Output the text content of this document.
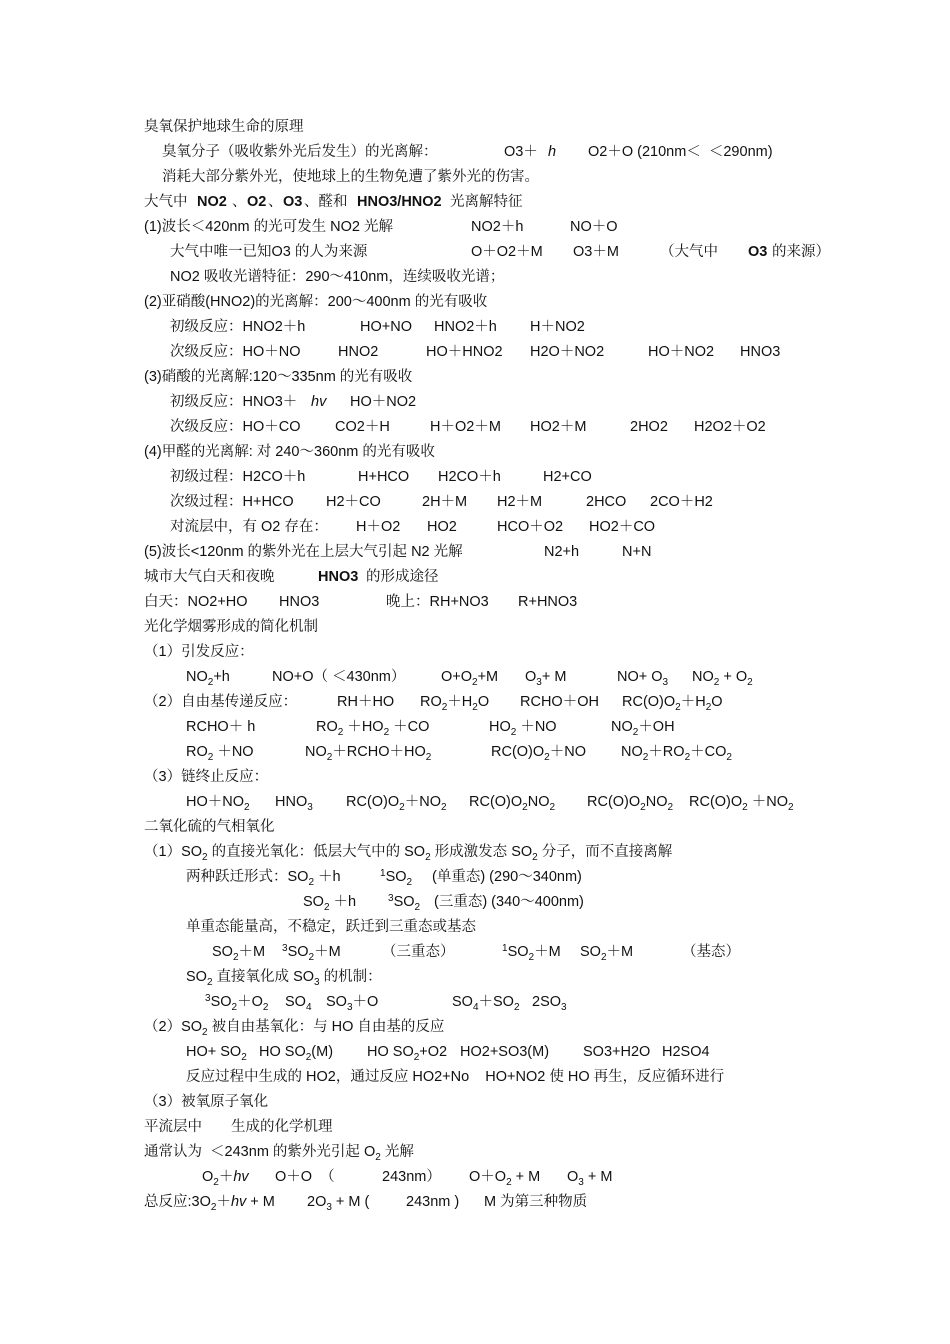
臭氧保护地球生命的原理
臭氧分子（吸收紫外光后发生）的光离解：	O3＋ h O2＋O (210nm＜  ＜290nm)
消耗大部分紫外光，使地球上的生物免遭了紫外光的伤害。
大气中 NO2 、 O2 、 O3 、醛和 HNO3/HNO2 光离解特征
(1)波长＜420nm 的光可发生 NO2 光解	NO2＋h	NO＋O
大气中唯一已知O3 的人为来源	O＋O2＋M O3＋M	（大气中 O3 的来源）
NO2 吸收光谱特征：290～410nm，连续吸收光谱；
(2)亚硝酸(HNO2)的光离解：200～400nm 的光有吸收
初级反应：HNO2＋h	HO+NO HNO2＋h H＋NO2
次级反应：HO＋NO	HNO2	HO＋HNO2 H2O＋NO2	HO＋NO2 HNO3
(3)硝酸的光离解:120～335nm 的光有吸收
初级反应：HNO3＋ hv HO＋NO2
次级反应：HO＋CO CO2＋H	H＋O2＋M HO2＋M	2HO2 H2O2＋O2
(4)甲醛的光离解: 对 240～360nm 的光有吸收
初级过程：H2CO＋h	H+HCO H2CO＋h	H2+CO
次级过程：H+HCO H2＋CO	2H＋M H2＋M	2HCO 2CO＋H2
对流层中，有 O2 存在： H＋O2 HO2	HCO＋O2 HO2＋CO
(5)波长<120nm 的紫外光在上层大气引起 N2 光解	N2+h	N+N
城市大气白天和夜晚	HNO3 的形成途径
白天：NO2+HO HNO3	晚上：RH+NO3 R+HNO3
光化学烟雾形成的简化机制
（1）引发反应：
$NO_2+h$	NO+O（ ＜430nm） $O+O_2+M$ $O_3+ M$	$NO+ O_3$ $NO_2 + O_2$
（2）自由基传递反应：	RH＋HO $RO_2+H_2O$ RCHO＋OH $RC(O)O_2+H_2O$
RCHO＋ h	$RO_2 +HO_2 +CO$	$HO_2 +NO$	$NO_2+OH$
$RO_2 +NO$	$NO_2+RCHO+HO_2$	$RC(O)O_2+NO$ $NO_2+RO_2+CO_2$
（3）链终止反应：
$HO+NO_2$ $HNO_3$ $RC(O)O_2+NO_2$ $RC(O)O_2NO_2$ $RC(O)O_2NO_2$ $RC(O)O_2 +NO_2$
二氧化硫的气相氧化
$(1)SO_2$ 的直接光氧化：低层大气中的 $SO_2$ 形成激发态 $SO_2$ 分子，而不直接离解
两种跃迁形式：$SO_2 +h$	$^1SO_2$ (单重态) (290～340nm)
$SO_2 +h$	$^3SO_2$ (三重态) (340～400nm)
单重态能量高，不稳定，跃迁到三重态或基态
$SO_2+M$ $^3SO_2+M$	（三重态）	$^1SO_2+M$ $SO_2+M$	（基态）
$SO_2$ 直接氧化成 $SO_3$ 的机制：
$^3SO_2+O_2$ $SO_4$ $SO_3+O$	$SO_4+SO_2$ $2SO_3$
$(2)SO_2$ 被自由基氧化：与 HO 自由基的反应
$HO+ SO_2$ HO $SO_2(M)$ HO $SO_2+O2$ HO2+SO3(M) SO3+H2O H2SO4
反应过程中生成的 HO2，通过反应 HO2+No    HO+NO2 使 HO 再生，反应循环进行
（3）被氧原子氧化
平流层中 生成的化学机理
通常认为  ＜243nm 的紫外光引起 $O_2$ 光解
$O_2+hv$ O＋O  （	243nm） $O+O_2 + M$ $O_3 + M$
总反应$:3O_2+hv + M$ $2O_3 + M$ (	243nm ) M 为第三种物质
